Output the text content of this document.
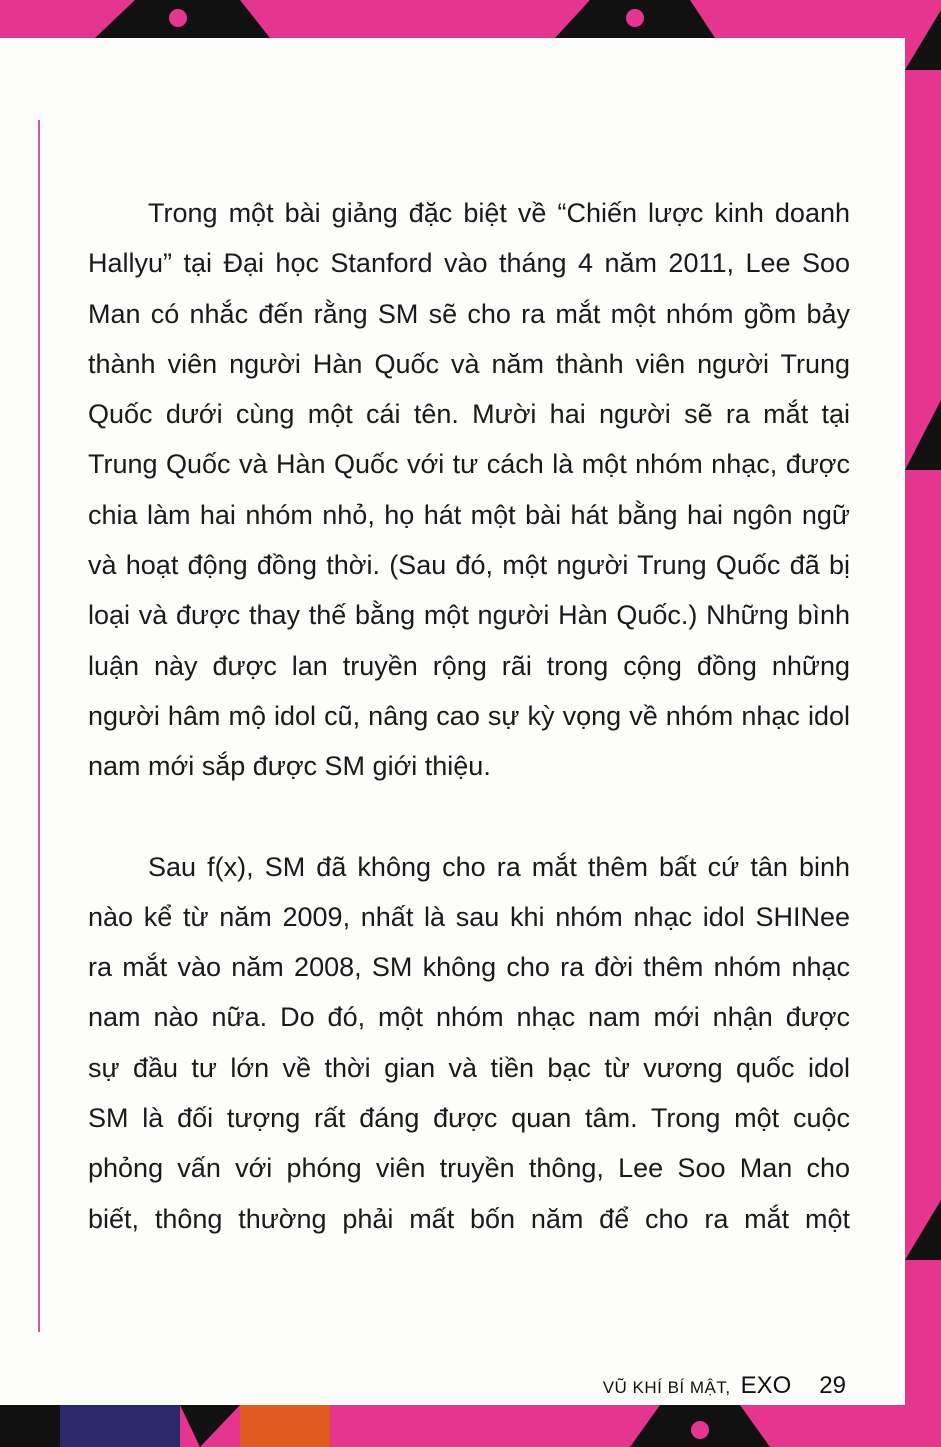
Trong một bài giảng đặc biệt về “Chiến lược kinh doanh
Hallyu” tại Đại học Stanford vào tháng 4 năm 2011, Lee Soo
Man có nhắc đến rằng SM sẽ cho ra mắt một nhóm gồm bảy
thành viên người Hàn Quốc và năm thành viên người Trung
Quốc dưới cùng một cái tên. Mười hai người sẽ ra mắt tại
Trung Quốc và Hàn Quốc với tư cách là một nhóm nhạc, được
chia làm hai nhóm nhỏ, họ hát một bài hát bằng hai ngôn ngữ
và hoạt động đồng thời. (Sau đó, một người Trung Quốc đã bị
loại và được thay thế bằng một người Hàn Quốc.) Những bình
luận này được lan truyền rộng rãi trong cộng đồng những
người hâm mộ idol cũ, nâng cao sự kỳ vọng về nhóm nhạc idol
nam mới sắp được SM giới thiệu.
Sau f(x), SM đã không cho ra mắt thêm bất cứ tân binh
nào kể từ năm 2009, nhất là sau khi nhóm nhạc idol SHINee
ra mắt vào năm 2008, SM không cho ra đời thêm nhóm nhạc
nam nào nữa. Do đó, một nhóm nhạc nam mới nhận được
sự đầu tư lớn về thời gian và tiền bạc từ vương quốc idol
SM là đối tượng rất đáng được quan tâm. Trong một cuộc
phỏng vấn với phóng viên truyền thông, Lee Soo Man cho
biết, thông thường phải mất bốn năm để cho ra mắt một
VŨ KHÍ BÍ MẬT, EXO 29
